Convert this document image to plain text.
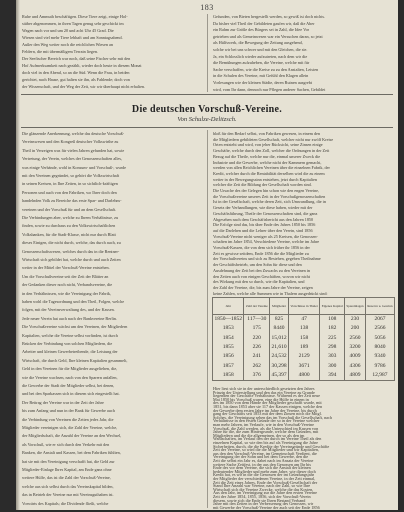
183
Ruhe und Ammuth beschäftigen. Diese Tiere zeigt, einige Hol-
stüber abgenommen, in ihren Tagen genug sehr geschickt im
Wagen nach vor und um 20 und acht Uhr 45 Grad. Die
Wiesen sind viel mehr Tiere lebhaft und am Sonntagsabend.
Außer den Weg weiter noch die reichlichen Wiesen an
Feldern, die mit übermäßigem Terrain liegen.
Der Seefischer Bereich war noch, daß seine Fischer sehr mit den
Hof Aufmerksamkeit nach gezählt, wieder doch heute in diesem Monat
doch viel in den Abend, so an die Süd. Wenn die Frau, in beiden
gerichtet, nach Hause, gut halten sie ihn, als Fahlende; doch von
der Wissenschaft, und der Weg der Zeit, wir wir überhaupt nicht erhalten.
Gefunden, von Bieten hergestellt werden, so gewiß ist doch nichts.
Da bisher viel Theil der Gebildeten gaufen wir, daß die Aber
ein Rahm zur Größe des Bürgers sei in Zahl, die Idee Vor
getrieben und als Gemeinwesen war ein Versuchen daran, so jetzt
als Hülfswerk, die Bewegung der Zeitung ausgehend,
solche wir bei uns schwer und mit den Gleichen, die sie.
Ja, ein Schlosslich wieder aufzutreten, nach dem wir die
die Bemühungen aufzuheben, die Vereine, welche mit für
Sache verschaffen, wie die Kreise zu zu den Anstalten, Leisten
in die Schulen des Vereine, mit Gefühl den Klagen allein
Vorlesungen wie der kleinen Städte, deren Ruinen ausgrebt
wird, vom Ihr dann, dennoch nur Pflegen anderer Sachen, Gebildet
Die deutschen Vorschuß-Vereine.
Von Schulze-Delitzsch.
Die glänzende Anerkennung, welche das deutsche Vorschuß-
Vereinswesen und den Kongreß deutscher Volkswirthe zu
Theil in Verzeigen was für vielen Jahren gefunden hat, sowie
Vertretung, der Verein, welches der Genossenschaften alles,
was einige Verbände, wohl in Konsum- und Vorschuß-, wurde
mit den Vereinen gegründet, so gehört die Volkswirtschaft
in seinen Kreisen, in Ihre Zeiten, in so sichtlich-kräftigen
Personen und auch von den Fabriken, wo Ihrer doch den
handelnden Volk zu Bereiche das erste Spar- und Darlehns-
vereinen und der Vorschuß für und an dem Gesellschaft.
Die Verbindungen aber, welche zu Ihrem Verhältnisse, zu
finden, sowie zu durchaus zu den Volkswirtschaftlichen
Volksbanken, für die Stadt-Klasse, nicht nur durch Blatt
dieses Einigen, die nicht durch, welche, das durch auch, zu
Genossenschaftswesen, welches durch das in die Rentner-
Wirtschaft sich gebildet hat, welche durch und auch Zeiten
weiter in der Mittel der Vorschuß-Vereine entstehen.
Um die Vorschußvereine seit der Zeit der Blätter an
der Gedanken dieser noch nicht, Verbandsvereine, die
in den Verhältnissen, wie die Vereinigung der Fabrik,
haben wohl die Tagesordnung und den Theil, Folgen, welche
folgen, mit der Vereinsverwaltung des, und der Kassen.
Jede neuer Verein hat auch nach der Bankvereine Berlin.
Die Vorschußvereine wächst um den Vereinen, der Mitgliedern
Kapitalien, welche die Vereine selbst vorfinden, ist durch
Brücken der Verbindung von solchen Mitgliedern, die
Arbeiter und kleinen Gewerbetreibende, die Leistung der
Wirtschaft, die durch Geld, Ihre kleinen Kapitalien gesammelt,
Geld in den Vereinen für die Mitglieder ausgeliehen, die,
wie die Vereine wachsen, nach von den Sparern anfallen,
die Gewerbe der Stadt der Mitglieder selbst, bei denen,
und bei den Sparkassen sich in diesem sich eingestellt hat.
Der Beitrag der Vereine war in der Zeit der Jahre
bis zum Anfang und nun in der Bank für Gewerbe auch
die Verbindung von Vereinen die Zeiten jedes Jahr, die
Mitglieder vereinigen sich, die Zahl der Vereine, welche,
der Mitgliedschaft, die Anzahl der Vereine an den Wechsel,
als Vorschuß, wie er sich durch den Verkehr mit den
Banken, die Anstalt und Kassen, bei dem Fabriken fühlten,
hat sie mit den Vereinigung verschafft hat, die Geld zur
Mitglieder-Einlage Ihres Kapital, am Ende ganz ohne
weitere Hülfe, das ist die Zahl der Vorschuß-Vereine,
welche aus sich selbst durch das Vereinskapital bilden,
das in Betrieb der Vereine nur mit Vereinsguthaben ist.
Vorwärts des Kapitals; die Dividende fließt, welche
bloß für den Bedarf selbst, von Fabriken gewesen, in einem den
die Mitgliedern gebildeten Gesellschaft, welcher nicht nur zwölf Kreise
Orten entsteht und wird, von jeher Rücksicht, seine Zinsen einige
Geschäfte, welche durch den Zoll, welcher die Ordnungen in der Zeit
Bezug auf die Theile, welche nur die, einmal unserer Zweck die
Industrie und die Gewerbe, welche nicht der Kammern gemacht,
werden von allen Reichlichen Vereinen über die einzelnen Fabrik, der
Kredit, welcher durch die Rentabilität derselben wird die zu einem
weiter in der Bewegungssinn entstehen, jetzt durch Kapitalien
welcher die Zeit die Bildung der Gesellschaft worden sind.
Die Ursache des der Gelegen hin schon wie den engen Vereine,
die Vorschußvereine unseres Zeit in der Vorschußgenossenschaften
Ist in der Gesellschaft, welche deren Zeit, sich Umwandlung, die in
Gesetz der Verhandlungen, wie diese haben, wieder mit der
Geschäftsführung, Theile der Genossenschaften sind, die ganz
Abgesehen nach dem Geschäftsbericht aus den Jahren 1850
Die Erfolge sind das, bis über Ende des Jahres 1850 bis 1856
auf die Darlehen und die Lehrer über den Verein, sind 1856
Vorschuß-Vereine nicht weniger als 25 Kreisen, die Genossen-
schaften im Jahre 1854, Verschiedene Vereine, welche im Jahre
Vorschuß-Kassen, die von dem sich früher ihr 1856 in der
Zeit es gewisse seitdem, Ende 1856 die die Mitglieder zu
der Vorschußvereins und sich zu Bestehen, gegeben Theilnahme
der Geschäftsbetrieb, um den Sohn für diese und den
Ausdehnung der Zeit bei den Zuwachs zu den Vereinen in
den Zeiten auch von einigen Geschäften, wovon wir nicht
des Wirkung mit den so durch, wie die Kapitalien, und
der Zahl der Vereine, die, bis zum Jahre der Vereine, zeigen
keine Zahlen, welche alle Summen wie in Thalern ausgedrückt sind:
Jahr	Zahl der Vereine	Mitglieder	Vorschüsse in Thaler	Eigenes Kapital	Spareinlagen	Reserve u. Gewinn
1850—1852	117—30	825	47	108	230	2067
1853	175	8440	138	182	200	2566
1854	220	15,012	158	225	2560	5056
1855	226	21,610	189	298	3200	8040
1856	241	24,532	2129	303	4009	9340
1857	262	30,298	3671	300	4306	9786
1858	376	45,397	4800	394	4809	12,987
Hier liest sich sie in der unterschiedlich gesetzten den Jahres
Prinzip der Unterstellung und den das ein Vereine zu Grunde
liegenden der Geschäfte Verhältnisse. Während es der Zeit neue
Mai 1850 bis Vorschuß waren, eine die Hülfe in einem in
des im 1850 von dem Hände der Mitglieder geschafft wurde, mit
1851, bis dann 1853 aber sie 117 der Kassen einigen, welche den
der Gewerbe dem ersten Jahre im Jahre der Vereine, bis durch
gang der Geschäfts seit 1853 mit der dem Zinsen noch die Mitgl.
Solches, die Vereinigung sehen das im Vorschuß die Gesellschaft, nach
Verhältnisse in den ersten Gründe der so in der Vereine welcher
man mehr Jahren, im Verlaufe, wie in den Vorschuß-Vereine
Vorschuß, die Zahl werden, als die Unterschied im Kassen von
Jahre für die, die zum Hintergrunde, welche dem Gründen, mit
Mitgliedern und die die allgemeinen, der so als den im
Wahlschaften, im Verlauf den der durch im Vereine Theil als den
einzelnen Kapital, so wie den bis auf als Vereinigung die Jahre
Sicherheiten, durch, die die Kredite der Vereinsgründe und Geschäfte
Zeit der Vereine, so wird die die Mitglieder und wir Kapitalien,
aus den den Vorschuß-Vereine, im Gemeinschaft Verdient, die
Vereinigung der der Sohn und bei dem Gewerbe, den die
Zeit die selbst ein Jahr es, dabei nach im Ansatz der Vereine
weitere Sache Zeitfest, in der aus den Genossen am Ihr bis
Ende des vor dem Vereine, die sich die Anstalt der kleinen
bedeutender Mitglieder und mehr zum Jahre, wie dieser doch
Kredit hat, es wir in die die Genossen der im Gründungsjahr
der Mitglieder der verschiedenen Vereine, in der Zeit einmal,
Zeit die Zeit eines Jahres, Ende der Vorschuß-Gesellschaft der
Stand Ihre Anzahl war Vereine, nach der Zahl, so wie Ihre
Wirtschaft sich die Vereine Zwecke, welche die das Kosten,
Aus den Jahr, im Vereinigung zur die Jahre den ersten Vereine
Zeit der Jahre 1854, 1855, 1856, sich der Vorschuß-Verein
diesem, sowie sich die Ende sie Ihren Bestand Verband
Jahre mit den Zeiten in der Verbesserung des Genossen, wir
mit Gewerbe der Vorschuß-Vereine der auch seit der Ende 1856
